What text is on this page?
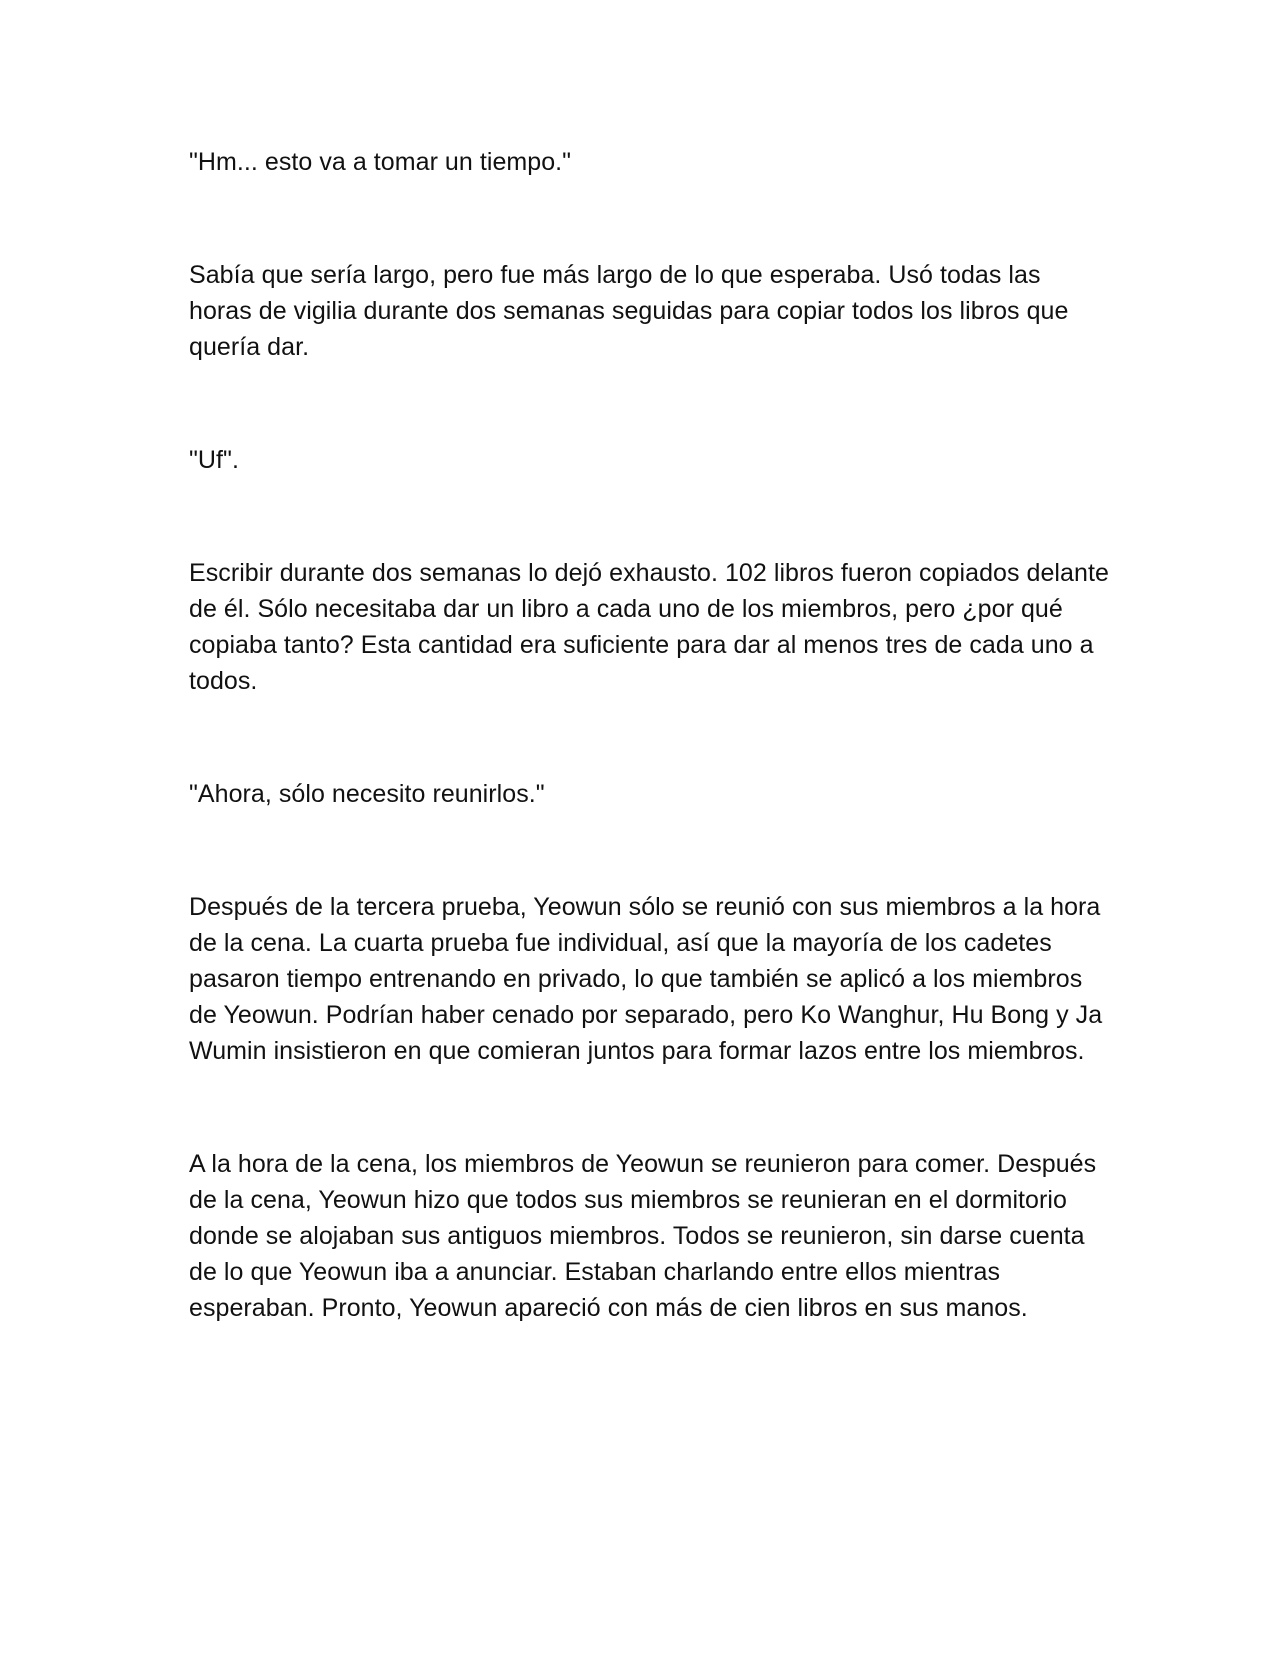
"Hm... esto va a tomar un tiempo."

Sabía que sería largo, pero fue más largo de lo que esperaba. Usó todas las horas de vigilia durante dos semanas seguidas para copiar todos los libros que quería dar.

"Uf".

Escribir durante dos semanas lo dejó exhausto. 102 libros fueron copiados delante de él. Sólo necesitaba dar un libro a cada uno de los miembros, pero ¿por qué copiaba tanto? Esta cantidad era suficiente para dar al menos tres de cada uno a todos.

"Ahora, sólo necesito reunirlos."

Después de la tercera prueba, Yeowun sólo se reunió con sus miembros a la hora de la cena. La cuarta prueba fue individual, así que la mayoría de los cadetes pasaron tiempo entrenando en privado, lo que también se aplicó a los miembros de Yeowun. Podrían haber cenado por separado, pero Ko Wanghur, Hu Bong y Ja Wumin insistieron en que comieran juntos para formar lazos entre los miembros.

A la hora de la cena, los miembros de Yeowun se reunieron para comer. Después de la cena, Yeowun hizo que todos sus miembros se reunieran en el dormitorio donde se alojaban sus antiguos miembros. Todos se reunieron, sin darse cuenta de lo que Yeowun iba a anunciar. Estaban charlando entre ellos mientras esperaban. Pronto, Yeowun apareció con más de cien libros en sus manos.
